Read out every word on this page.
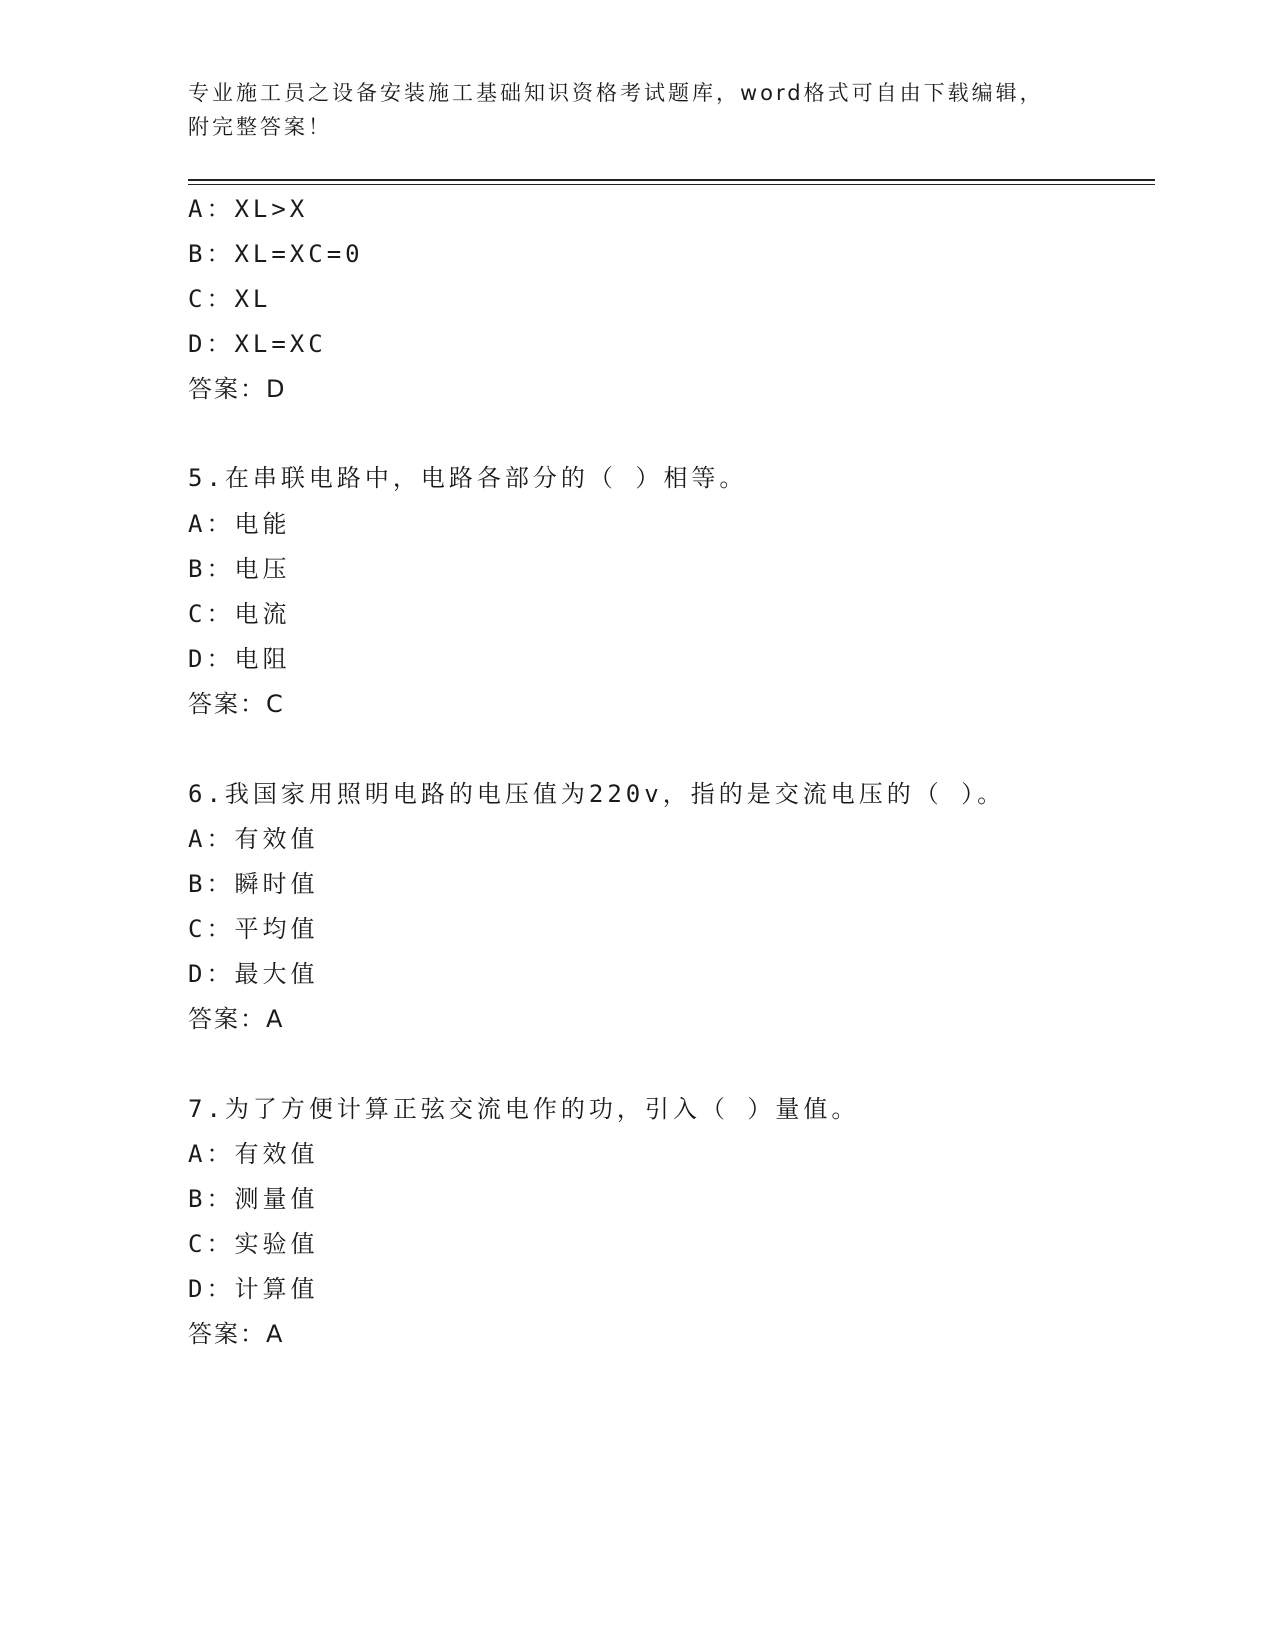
专业施工员之设备安装施工基础知识资格考试题库，word格式可自由下载编辑，
附完整答案！
A：XL>X
B：XL=XC=0
C：XL
D：XL=XC
答案：D
5.在串联电路中，电路各部分的（ ）相等。
A：电能
B：电压
C：电流
D：电阻
答案：C
6.我国家用照明电路的电压值为220v，指的是交流电压的（ ）。
A：有效值
B：瞬时值
C：平均值
D：最大值
答案：A
7.为了方便计算正弦交流电作的功，引入（ ）量值。
A：有效值
B：测量值
C：实验值
D：计算值
答案：A
